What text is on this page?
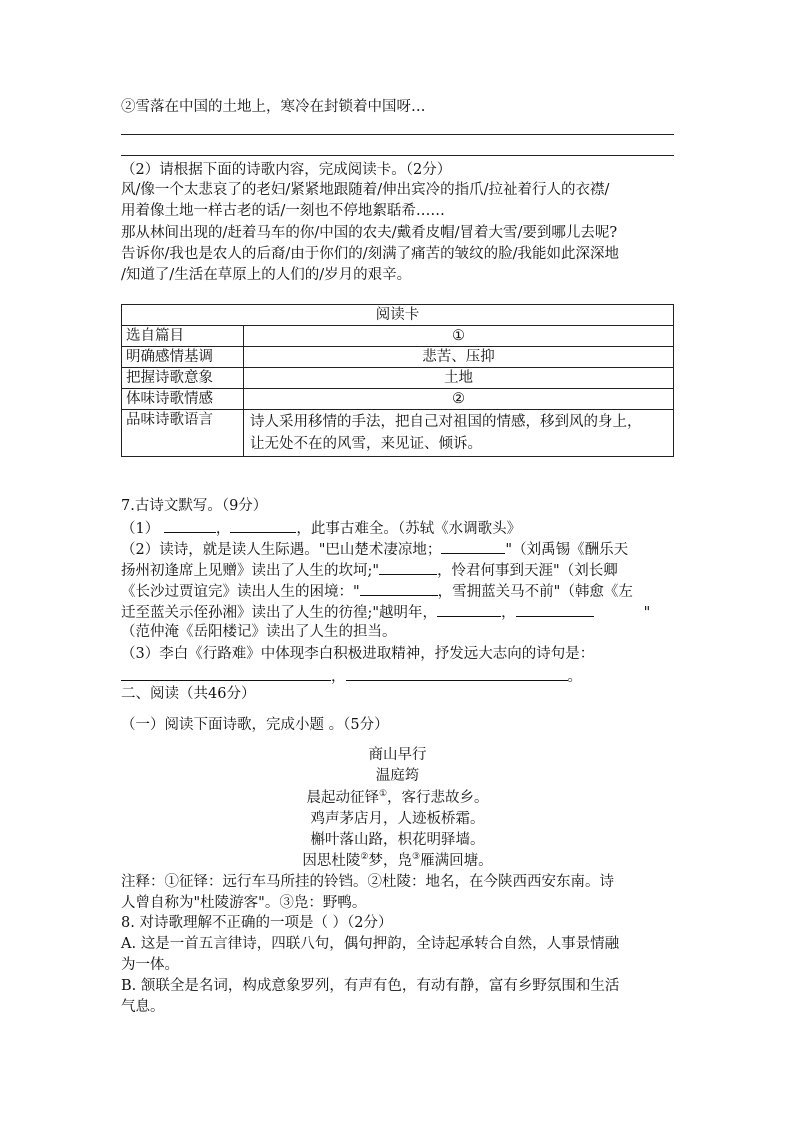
②雪落在中国的土地上，寒冷在封锁着中国呀…
（2）请根据下面的诗歌内容，完成阅读卡。（2分）
风/像一个太悲哀了的老妇/紧紧地跟随着/伸出宾冷的指爪/拉祉着行人的衣襟/
用着像土地一样古老的话/一刻也不停地絮聒希……
那从林间出现的/赶着马车的你/中国的农夫/戴肴皮帽/冒着大雪/要到哪儿去呢?
告诉你/我也是农人的后裔/由于你们的/刻满了痛苦的皱纹的脸/我能如此深深地
/知道了/生活在草原上的人们的/岁月的艰辛。
阅读卡	
选自篇目	①
明确感情基调	悲苦、压抑
把握诗歌意象	土地
体味诗歌情感	②
品味诗歌语言	诗人采用移情的手法，把自己对祖国的情感，移到风的身上，
让无处不在的风雪，来见证、倾诉。
7.古诗文默写。（9分）
（1）	，	，此事古难全。（苏轼《水调歌头》
（2）读诗，就是读人生际遇。"巴山楚术凄凉地；	"（刘禹锡《酬乐天
扬州初逢席上见赠》读出了人生的坎坷;"	，怜君何事到天涯"（刘长卿
《长沙过贾谊完》读出人生的困境："	，雪拥蓝关马不前"（韩愈《左
迁至蓝关示侄孙湘》读出了人生的彷徨;"越明年，	，	"
（范仲淹《岳阳楼记》读出了人生的担当。
（3）李白《行路难》中体现李白积极进取精神，抒发远大志向的诗句是：
，	。
二、阅读（共46分）
（一）阅读下面诗歌，完成小题 。（5分）
商山早行
温庭筠
晨起动征铎①，客行悲故乡。
鸡声茅店月，人迹板桥霜。
槲叶落山路，枳花明驿墙。
因思杜陵②梦，凫③雁满回塘。
注释：①征铎：远行车马所挂的铃铛。②杜陵：地名，在今陕西西安东南。诗
人曾自称为"杜陵游客"。③凫：野鸭。
8. 对诗歌理解不正确的一项是（ ）（2分）
A. 这是一首五言律诗，四联八句，偶句押韵，全诗起承转合自然，人事景情融
为一体。
B. 颔联全是名词，构成意象罗列，有声有色，有动有静，富有乡野氛围和生活
气息。
